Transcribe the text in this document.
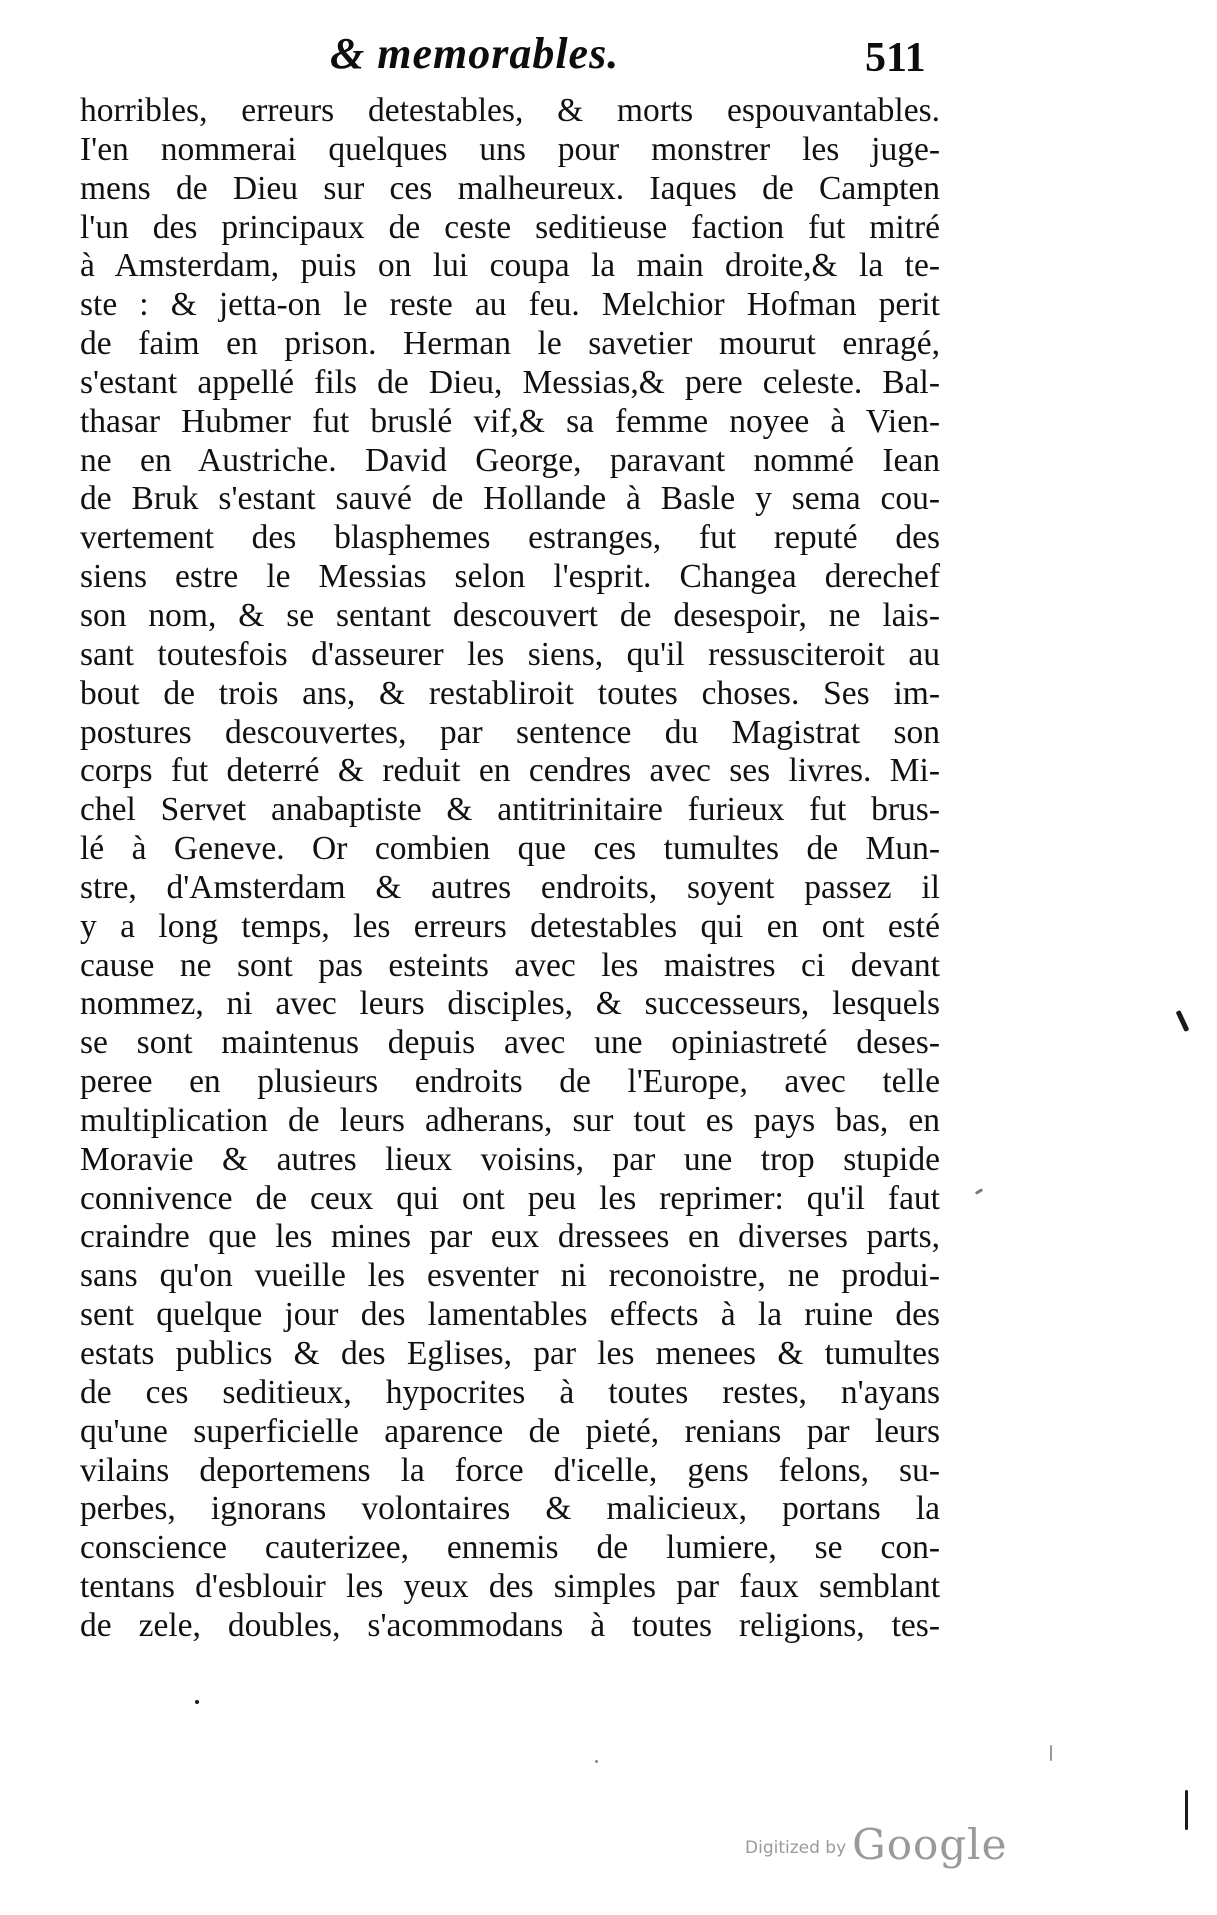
& memorables.	511
horribles, erreurs detestables, & morts espouvantables.
I'en nommerai quelques uns pour monstrer les juge-
mens de Dieu sur ces malheureux. Iaques de Campten
l'un des principaux de ceste seditieuse faction fut mitré
à Amsterdam, puis on lui coupa la main droite,& la te-
ste : & jetta-on le reste au feu. Melchior Hofman perit
de faim en prison. Herman le savetier mourut enragé,
s'estant appellé fils de Dieu, Messias,& pere celeste. Bal-
thasar Hubmer fut bruslé vif,& sa femme noyee à Vien-
ne en Austriche. David George, paravant nommé Iean
de Bruk s'estant sauvé de Hollande à Basle y sema cou-
vertement des blasphemes estranges, fut reputé des
siens estre le Messias selon l'esprit. Changea derechef
son nom, & se sentant descouvert de desespoir, ne lais-
sant toutesfois d'asseurer les siens, qu'il ressusciteroit au
bout de trois ans, & restabliroit toutes choses. Ses im-
postures descouvertes, par sentence du Magistrat son
corps fut deterré & reduit en cendres avec ses livres. Mi-
chel Servet anabaptiste & antitrinitaire furieux fut brus-
lé à Geneve. Or combien que ces tumultes de Mun-
stre, d'Amsterdam & autres endroits, soyent passez il
y a long temps, les erreurs detestables qui en ont esté
cause ne sont pas esteints avec les maistres ci devant
nommez, ni avec leurs disciples, & successeurs, lesquels
se sont maintenus depuis avec une opiniastreté deses-
peree en plusieurs endroits de l'Europe, avec telle
multiplication de leurs adherans, sur tout es pays bas, en
Moravie & autres lieux voisins, par une trop stupide
connivence de ceux qui ont peu les reprimer: qu'il faut
craindre que les mines par eux dressees en diverses parts,
sans qu'on vueille les esventer ni reconoistre, ne produi-
sent quelque jour des lamentables effects à la ruine des
estats publics & des Eglises, par les menees & tumultes
de ces seditieux, hypocrites à toutes restes, n'ayans
qu'une superficielle aparence de pieté, renians par leurs
vilains deportemens la force d'icelle, gens felons, su-
perbes, ignorans volontaires & malicieux, portans la
conscience cauterizee, ennemis de lumiere, se con-
tentans d'esblouir les yeux des simples par faux semblant
de zele, doubles, s'acommodans à toutes religions, tes-
Digitized by Google
